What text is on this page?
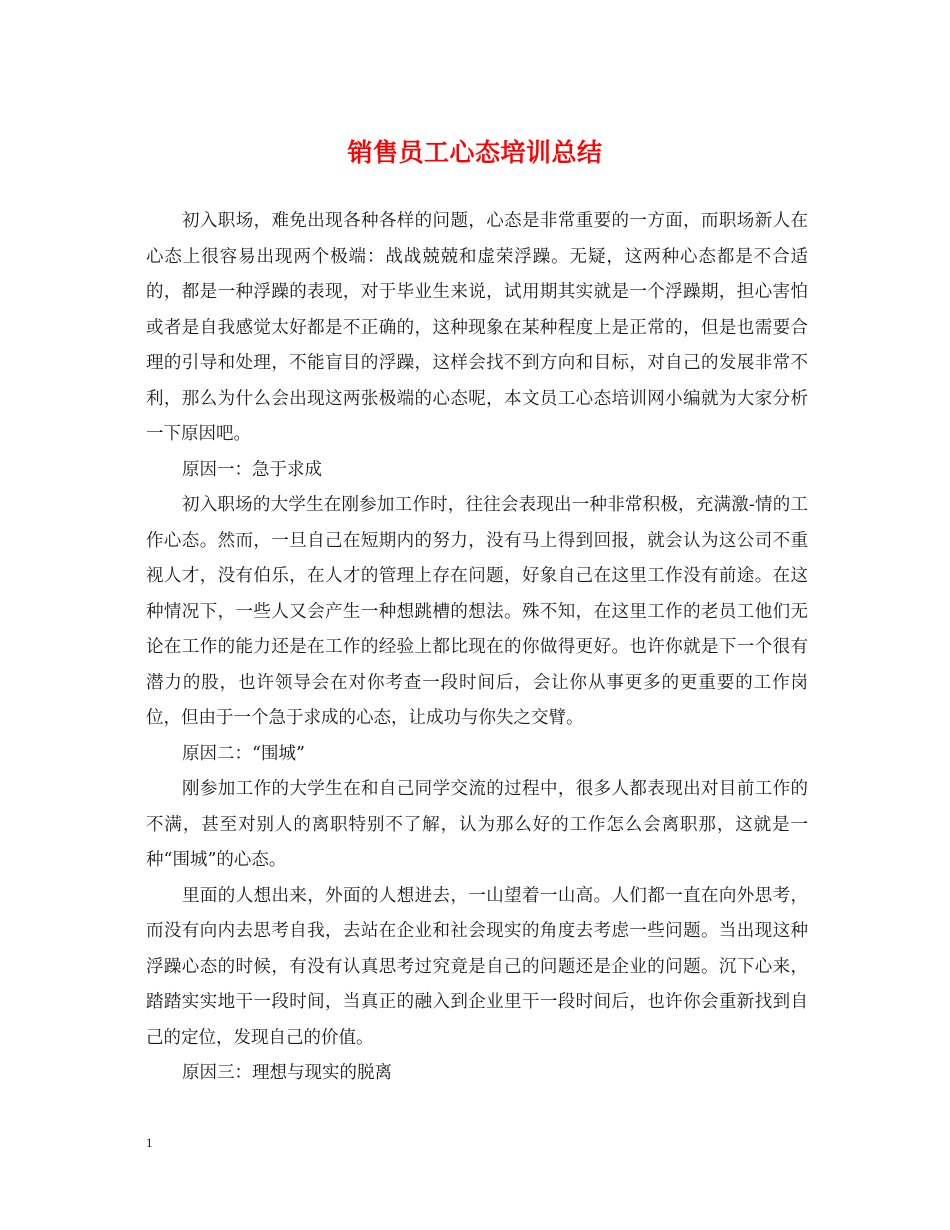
销售员工心态培训总结

初入职场，难免出现各种各样的问题，心态是非常重要的一方面，而职场新人在心态上很容易出现两个极端：战战兢兢和虚荣浮躁。无疑，这两种心态都是不合适的，都是一种浮躁的表现，对于毕业生来说，试用期其实就是一个浮躁期，担心害怕或者是自我感觉太好都是不正确的，这种现象在某种程度上是正常的，但是也需要合理的引导和处理，不能盲目的浮躁，这样会找不到方向和目标，对自己的发展非常不利，那么为什么会出现这两张极端的心态呢，本文员工心态培训网小编就为大家分析一下原因吧。

原因一：急于求成

初入职场的大学生在刚参加工作时，往往会表现出一种非常积极，充满激-情的工作心态。然而，一旦自己在短期内的努力，没有马上得到回报，就会认为这公司不重视人才，没有伯乐，在人才的管理上存在问题，好象自己在这里工作没有前途。在这种情况下，一些人又会产生一种想跳槽的想法。殊不知，在这里工作的老员工他们无论在工作的能力还是在工作的经验上都比现在的你做得更好。也许你就是下一个很有潜力的股，也许领导会在对你考查一段时间后，会让你从事更多的更重要的工作岗位，但由于一个急于求成的心态，让成功与你失之交臂。

原因二：“围城”

刚参加工作的大学生在和自己同学交流的过程中，很多人都表现出对目前工作的不满，甚至对别人的离职特别不了解，认为那么好的工作怎么会离职那，这就是一种“围城”的心态。

里面的人想出来，外面的人想进去，一山望着一山高。人们都一直在向外思考，而没有向内去思考自我，去站在企业和社会现实的角度去考虑一些问题。当出现这种浮躁心态的时候，有没有认真思考过究竟是自己的问题还是企业的问题。沉下心来，踏踏实实地干一段时间，当真正的融入到企业里干一段时间后，也许你会重新找到自己的定位，发现自己的价值。

原因三：理想与现实的脱离

1
